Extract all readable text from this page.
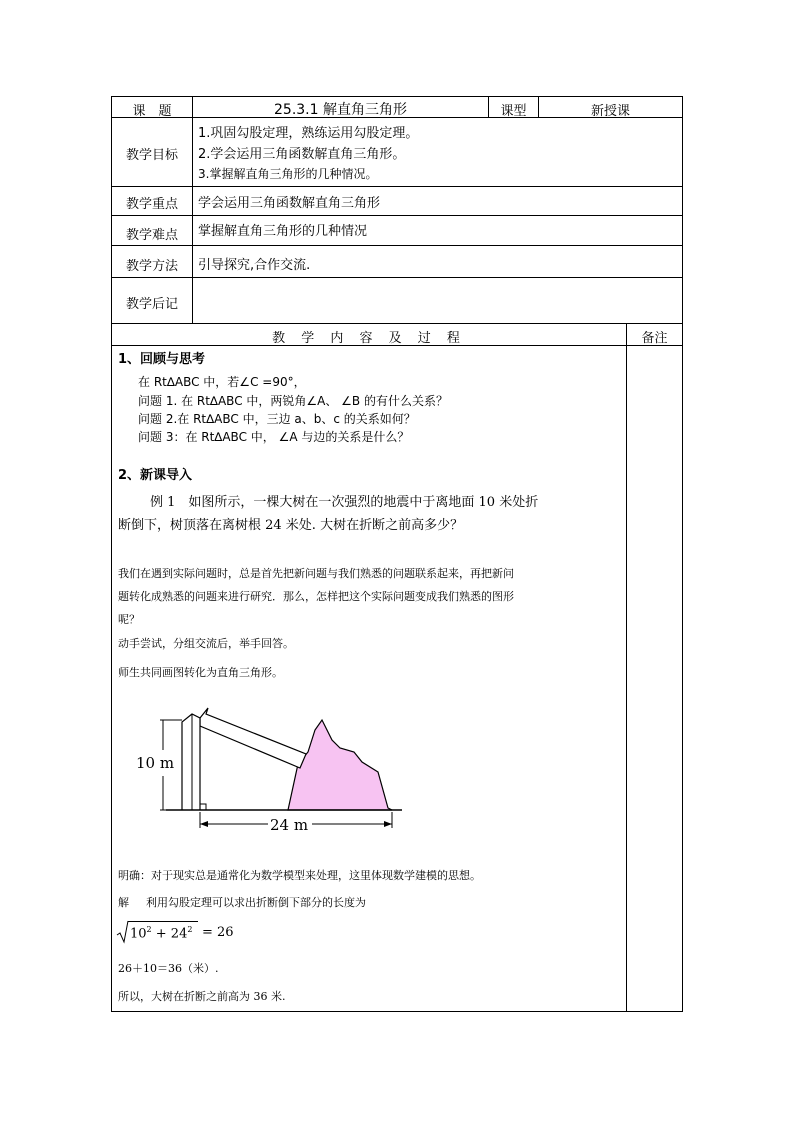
课　题	25.3.1 解直角三角形	课型	新授课
教学目标
1.巩固勾股定理，熟练运用勾股定理。
2.学会运用三角函数解直角三角形。
3.掌握解直角三角形的几种情况。
教学重点	学会运用三角函数解直角三角形
教学难点	掌握解直角三角形的几种情况
教学方法	引导探究,合作交流.
教学后记
教 学 内 容 及 过 程	备注
1、回顾与思考
在 Rt∆ABC 中，若∠C =90°，
问题 1. 在 Rt∆ABC 中，两锐角∠A、 ∠B 的有什么关系？
问题 2.在 Rt∆ABC 中，三边 a、b、c 的关系如何？
问题 3：在 Rt∆ABC 中， ∠A 与边的关系是什么？
2、新课导入
例 1　如图所示，一棵大树在一次强烈的地震中于离地面 10 米处折
断倒下，树顶落在离树根 24 米处. 大树在折断之前高多少？
我们在遇到实际问题时，总是首先把新问题与我们熟悉的问题联系起来，再把新问
题转化成熟悉的问题来进行研究．那么，怎样把这个实际问题变成我们熟悉的图形
呢？
动手尝试，分组交流后，举手回答。
师生共同画图转化为直角三角形。
10 m
24 m
明确：对于现实总是通常化为数学模型来处理，这里体现数学建模的思想。
解 利用勾股定理可以求出折断倒下部分的长度为
$10^2 + 24^2 = 26$
26＋10＝36（米）.
所以，大树在折断之前高为 36 米.
